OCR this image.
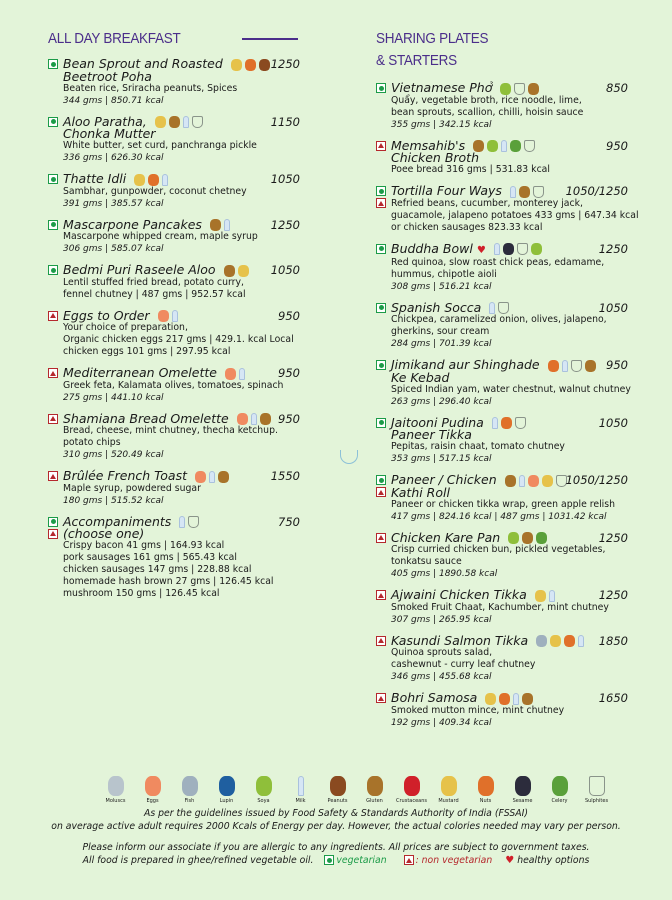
ALL DAY BREAKFAST
Bean Sprout and Roasted
Beetroot Poha
1250
Beaten rice, Sriracha peanuts, Spices
344 gms | 850.71 kcal
Aloo Paratha,
Chonka Mutter
1150
White butter, set curd, panchranga pickle
336 gms | 626.30 kcal
Thatte Idli	1050
Sambhar, gunpowder, coconut chetney
391 gms | 385.57 kcal
Mascarpone Pancakes	1250
Mascarpone whipped cream, maple syrup
306 gms | 585.07 kcal
Bedmi Puri Raseele Aloo	1050
Lentil stuffed fried bread, potato curry,
fennel chutney | 487 gms | 952.57 kcal
Eggs to Order	950
Your choice of preparation,
Organic chicken eggs 217 gms | 429.1. kcal Local
chicken eggs 101 gms | 297.95 kcal
Mediterranean Omelette	950
Greek feta, Kalamata olives, tomatoes, spinach
275 gms | 441.10 kcal
Shamiana Bread Omelette	950
Bread, cheese, mint chutney, thecha ketchup.
potato chips
310 gms | 520.49 kcal
Brûlée French Toast	1550
Maple syrup, powdered sugar
180 gms | 515.52 kcal
Accompaniments
(choose one)
750
Crispy bacon 41 gms | 164.93 kcal
pork sausages 161 gms | 565.43 kcal
chicken sausages 147 gms | 228.88 kcal
homemade hash brown 27 gms | 126.45 kcal
mushroom 150 gms | 126.45 kcal
SHARING PLATES
& STARTERS
Vietnamese Phở	850
Quẩy, vegetable broth, rice noodle, lime,
bean sprouts, scallion, chilli, hoisin sauce
355 gms | 342.15 kcal
Memsahib's
Chicken Broth
950
Poee bread 316 gms | 531.83 kcal
Tortilla Four Ways	1050/1250
Refried beans, cucumber, monterey jack,
guacamole, jalapeno potatoes 433 gms | 647.34 kcal
or chicken sausages 823.33 kcal
Buddha Bowl ♥	1250
Red quinoa, slow roast chick peas, edamame,
hummus, chipotle aioli
308 gms | 516.21 kcal
Spanish Socca	1050
Chickpea, caramelized onion, olives, jalapeno,
gherkins, sour cream
284 gms | 701.39 kcal
Jimikand aur Shinghade
Ke Kebad
950
Spiced Indian yam, water chestnut, walnut chutney
263 gms | 296.40 kcal
Jaitooni Pudina
Paneer Tikka
1050
Pepitas, raisin chaat, tomato chutney
353 gms | 517.15 kcal
Paneer / Chicken
Kathi Roll
1050/1250
Paneer or chicken tikka wrap, green apple relish
417 gms | 824.16 kcal | 487 gms | 1031.42 kcal
Chicken Kare Pan	1250
Crisp curried chicken bun, pickled vegetables,
tonkatsu sauce
405 gms | 1890.58 kcal
Ajwaini Chicken Tikka	1250
Smoked Fruit Chaat, Kachumber, mint chutney
307 gms | 265.95 kcal
Kasundi Salmon Tikka	1850
Quinoa sprouts salad,
cashewnut - curry leaf chutney
346 gms | 455.68 kcal
Bohri Samosa	1650
Smoked mutton mince, mint chutney
192 gms | 409.34 kcal
Moluscs	Eggs	Fish	Lupin	Soya	Milk	Peanuts	Gluten	Crustaceans Mustard	Nuts	Sesame	Celery	Sulphites
As per the guidelines issued by Food Safety & Standards Authority of India (FSSAI)
on average active adult requires 2000 Kcals of Energy per day. However, the actual colories needed may vary per person.
Please inform our associate if you are allergic to any ingredients. All prices are subject to government taxes.
All food is prepared in ghee/refined vegetable oil. vegetarian	: non vegetarian ♥ healthy options
